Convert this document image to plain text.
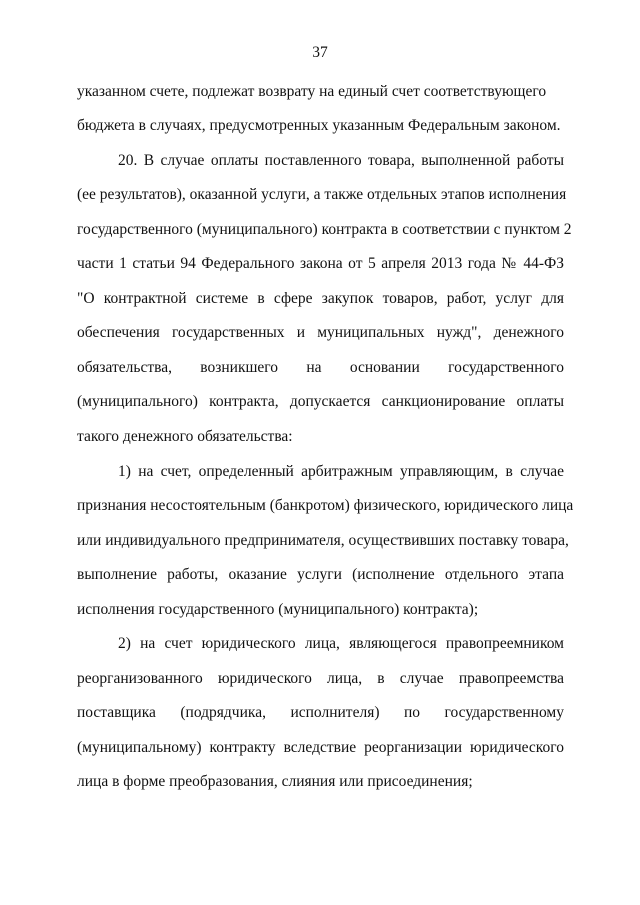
37
указанном счете, подлежат возврату на единый счет соответствующего
бюджета в случаях, предусмотренных указанным Федеральным законом.
20. В случае оплаты поставленного товара, выполненной работы
(ее результатов), оказанной услуги, а также отдельных этапов исполнения
государственного (муниципального) контракта в соответствии с пунктом 2
части 1 статьи 94 Федерального закона от 5 апреля 2013 года № 44-ФЗ
"О контрактной системе в сфере закупок товаров, работ, услуг для
обеспечения государственных и муниципальных нужд", денежного
обязательства, возникшего на основании государственного
(муниципального) контракта, допускается санкционирование оплаты
такого денежного обязательства:
1) на счет, определенный арбитражным управляющим, в случае
признания несостоятельным (банкротом) физического, юридического лица
или индивидуального предпринимателя, осуществивших поставку товара,
выполнение работы, оказание услуги (исполнение отдельного этапа
исполнения государственного (муниципального) контракта);
2) на счет юридического лица, являющегося правопреемником
реорганизованного юридического лица, в случае правопреемства
поставщика (подрядчика, исполнителя) по государственному
(муниципальному) контракту вследствие реорганизации юридического
лица в форме преобразования, слияния или присоединения;
